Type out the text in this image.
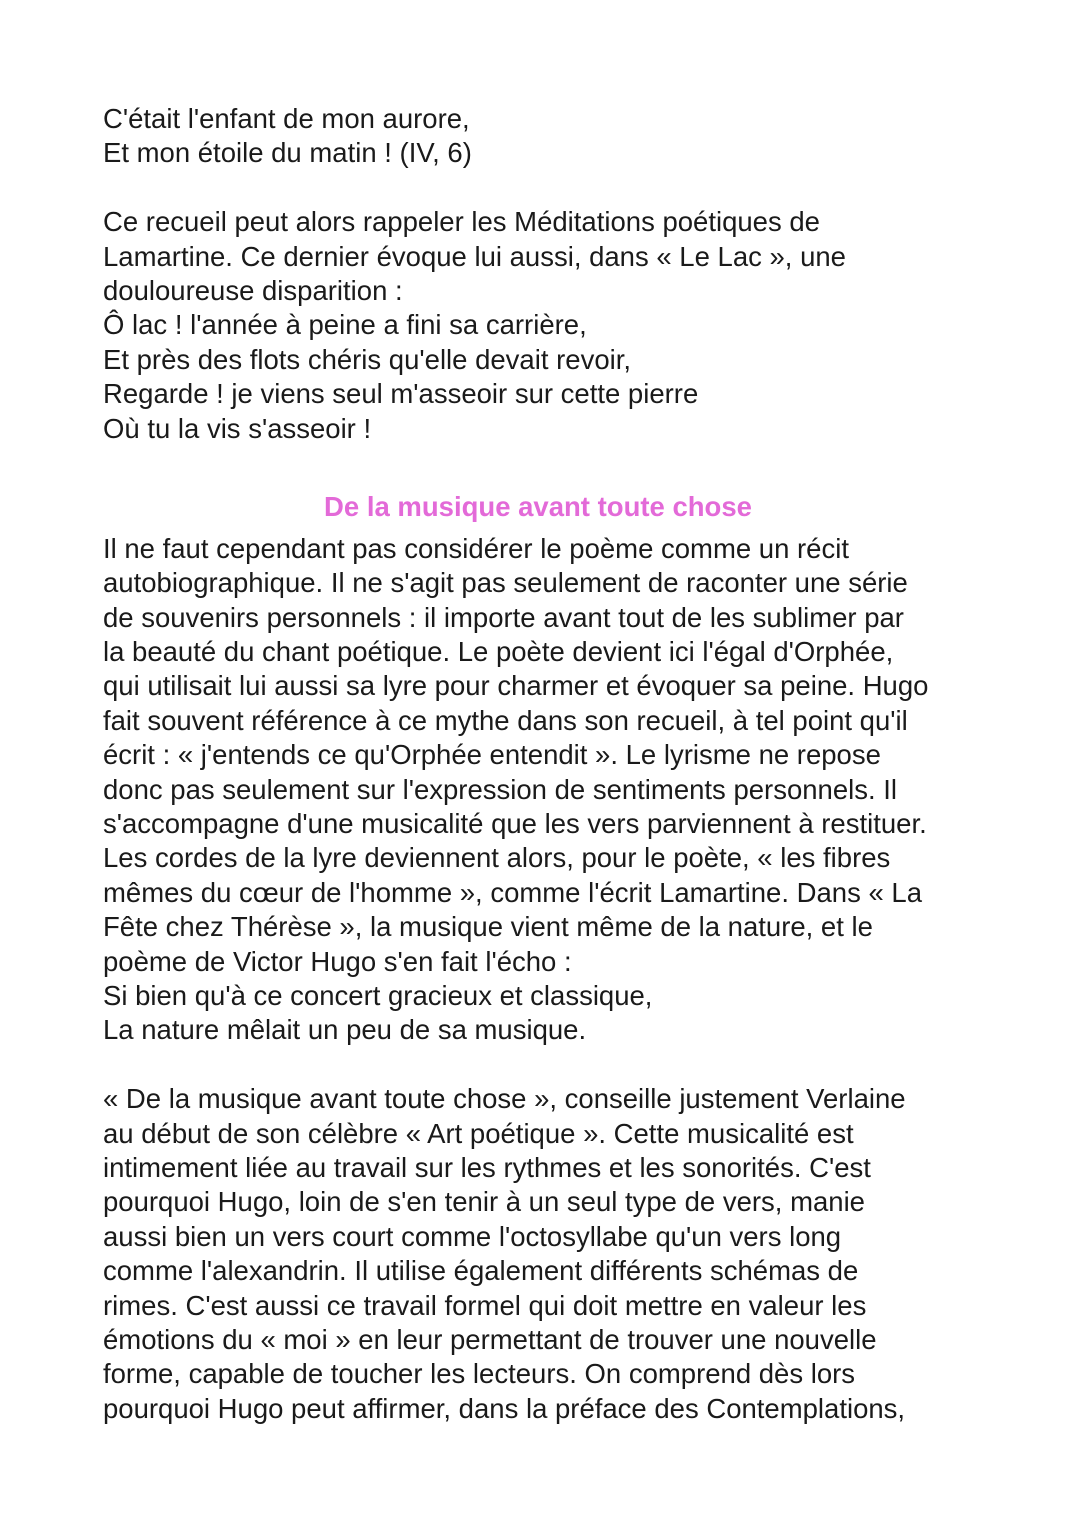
C'était l'enfant de mon aurore,
Et mon étoile du matin ! (IV, 6)
Ce recueil peut alors rappeler les Méditations poétiques de
Lamartine. Ce dernier évoque lui aussi, dans « Le Lac », une
douloureuse disparition :
Ô lac ! l'année à peine a fini sa carrière,
Et près des flots chéris qu'elle devait revoir,
Regarde ! je viens seul m'asseoir sur cette pierre
Où tu la vis s'asseoir !
De la musique avant toute chose
Il ne faut cependant pas considérer le poème comme un récit
autobiographique. Il ne s'agit pas seulement de raconter une série
de souvenirs personnels : il importe avant tout de les sublimer par
la beauté du chant poétique. Le poète devient ici l'égal d'Orphée,
qui utilisait lui aussi sa lyre pour charmer et évoquer sa peine. Hugo
fait souvent référence à ce mythe dans son recueil, à tel point qu'il
écrit : « j'entends ce qu'Orphée entendit ». Le lyrisme ne repose
donc pas seulement sur l'expression de sentiments personnels. Il
s'accompagne d'une musicalité que les vers parviennent à restituer.
Les cordes de la lyre deviennent alors, pour le poète, « les fibres
mêmes du cœur de l'homme », comme l'écrit Lamartine. Dans « La
Fête chez Thérèse », la musique vient même de la nature, et le
poème de Victor Hugo s'en fait l'écho :
Si bien qu'à ce concert gracieux et classique,
La nature mêlait un peu de sa musique.
« De la musique avant toute chose », conseille justement Verlaine
au début de son célèbre « Art poétique ». Cette musicalité est
intimement liée au travail sur les rythmes et les sonorités. C'est
pourquoi Hugo, loin de s'en tenir à un seul type de vers, manie
aussi bien un vers court comme l'octosyllabe qu'un vers long
comme l'alexandrin. Il utilise également différents schémas de
rimes. C'est aussi ce travail formel qui doit mettre en valeur les
émotions du « moi » en leur permettant de trouver une nouvelle
forme, capable de toucher les lecteurs. On comprend dès lors
pourquoi Hugo peut affirmer, dans la préface des Contemplations,
